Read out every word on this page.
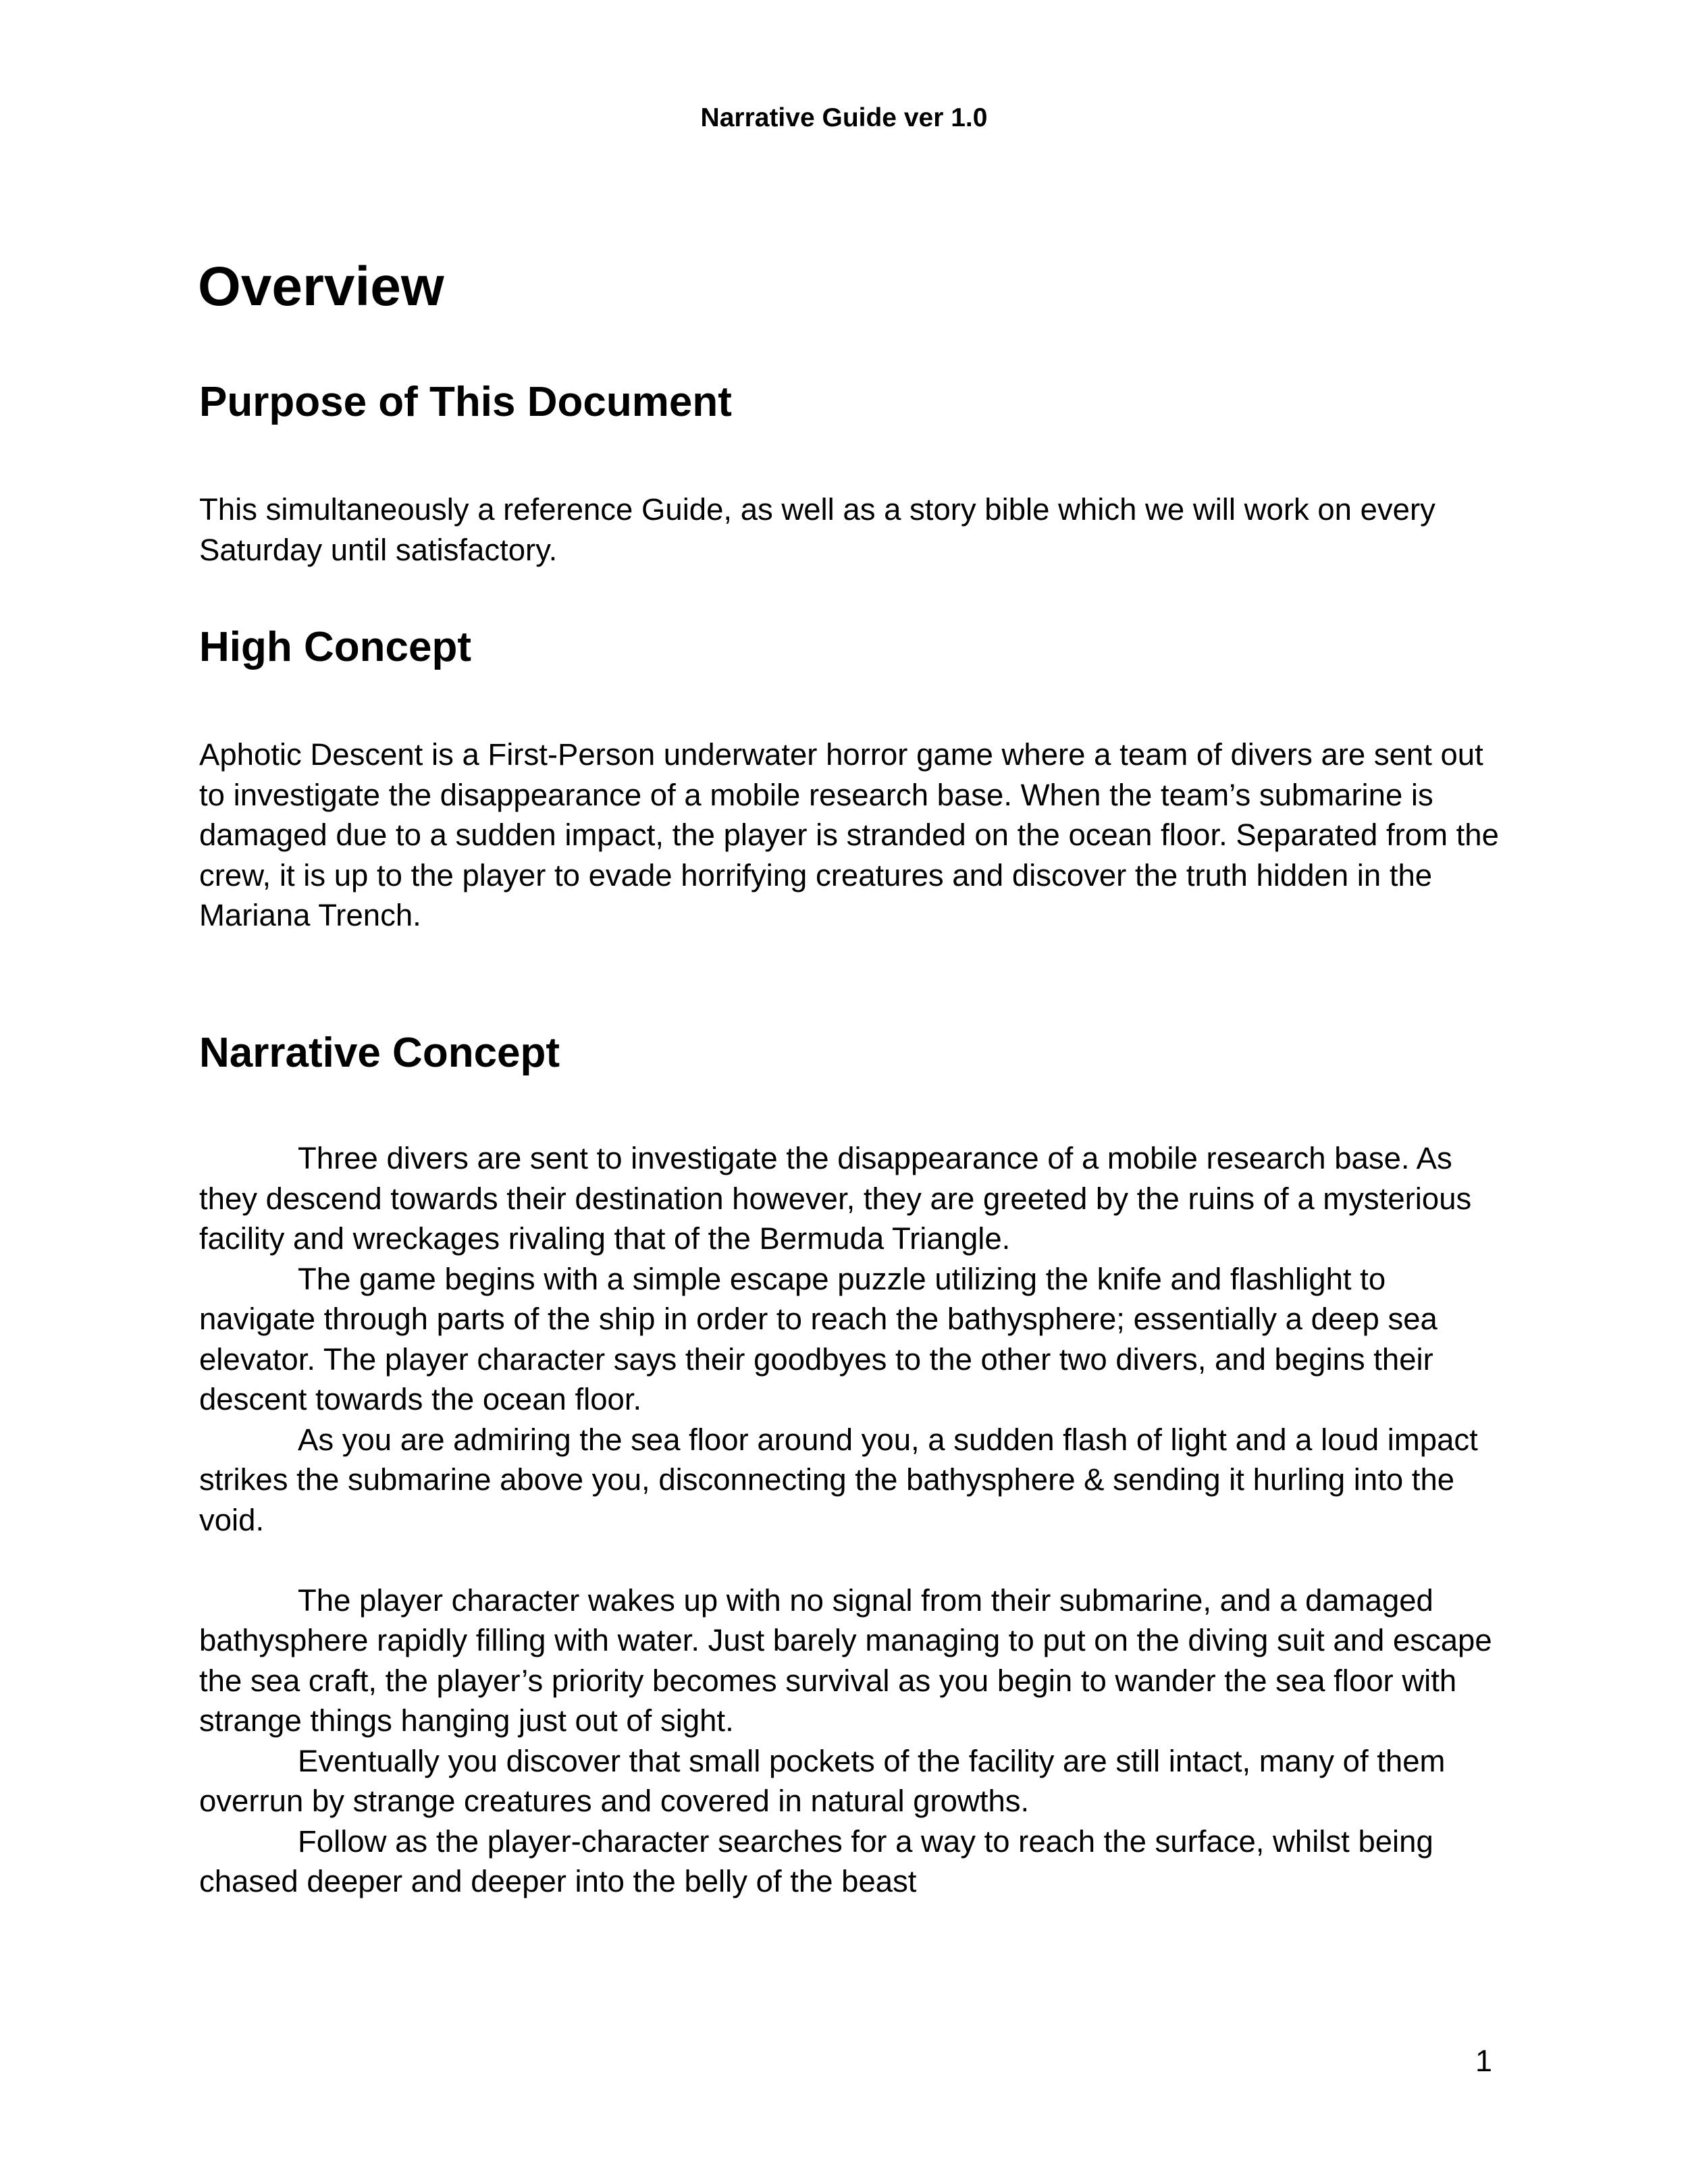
Narrative Guide ver 1.0
Overview
Purpose of This Document
This simultaneously a reference Guide, as well as a story bible which we will work on every
Saturday until satisfactory.
High Concept
Aphotic Descent is a First-Person underwater horror game where a team of divers are sent out
to investigate the disappearance of a mobile research base. When the team’s submarine is
damaged due to a sudden impact, the player is stranded on the ocean floor. Separated from the
crew, it is up to the player to evade horrifying creatures and discover the truth hidden in the
Mariana Trench.
Narrative Concept
Three divers are sent to investigate the disappearance of a mobile research base. As
they descend towards their destination however, they are greeted by the ruins of a mysterious
facility and wreckages rivaling that of the Bermuda Triangle.
The game begins with a simple escape puzzle utilizing the knife and flashlight to
navigate through parts of the ship in order to reach the bathysphere; essentially a deep sea
elevator. The player character says their goodbyes to the other two divers, and begins their
descent towards the ocean floor.
As you are admiring the sea floor around you, a sudden flash of light and a loud impact
strikes the submarine above you, disconnecting the bathysphere & sending it hurling into the
void.
The player character wakes up with no signal from their submarine, and a damaged
bathysphere rapidly filling with water. Just barely managing to put on the diving suit and escape
the sea craft, the player’s priority becomes survival as you begin to wander the sea floor with
strange things hanging just out of sight.
Eventually you discover that small pockets of the facility are still intact, many of them
overrun by strange creatures and covered in natural growths.
Follow as the player-character searches for a way to reach the surface, whilst being
chased deeper and deeper into the belly of the beast
1
